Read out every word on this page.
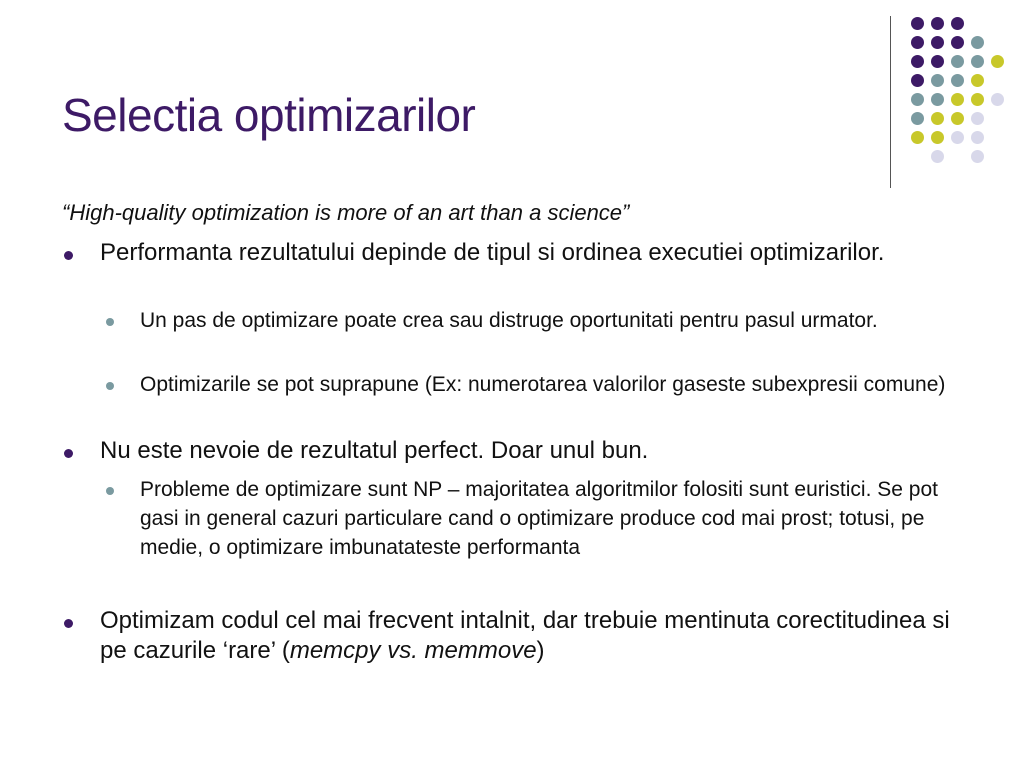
Selectia optimizarilor
“High-quality optimization is more of an art than a science”
Performanta rezultatului depinde de tipul si ordinea executiei optimizarilor.
Un pas de optimizare poate crea sau distruge oportunitati pentru pasul urmator.
Optimizarile se pot suprapune (Ex: numerotarea valorilor gaseste subexpresii comune)
Nu este nevoie de rezultatul perfect. Doar unul bun.
Probleme de optimizare sunt NP – majoritatea algoritmilor folositi sunt euristici. Se pot gasi in general cazuri particulare cand o optimizare produce cod mai prost; totusi, pe medie, o optimizare imbunatateste performanta
Optimizam codul cel mai frecvent intalnit, dar trebuie mentinuta corectitudinea si pe cazurile ‘rare’ (memcpy vs. memmove)
